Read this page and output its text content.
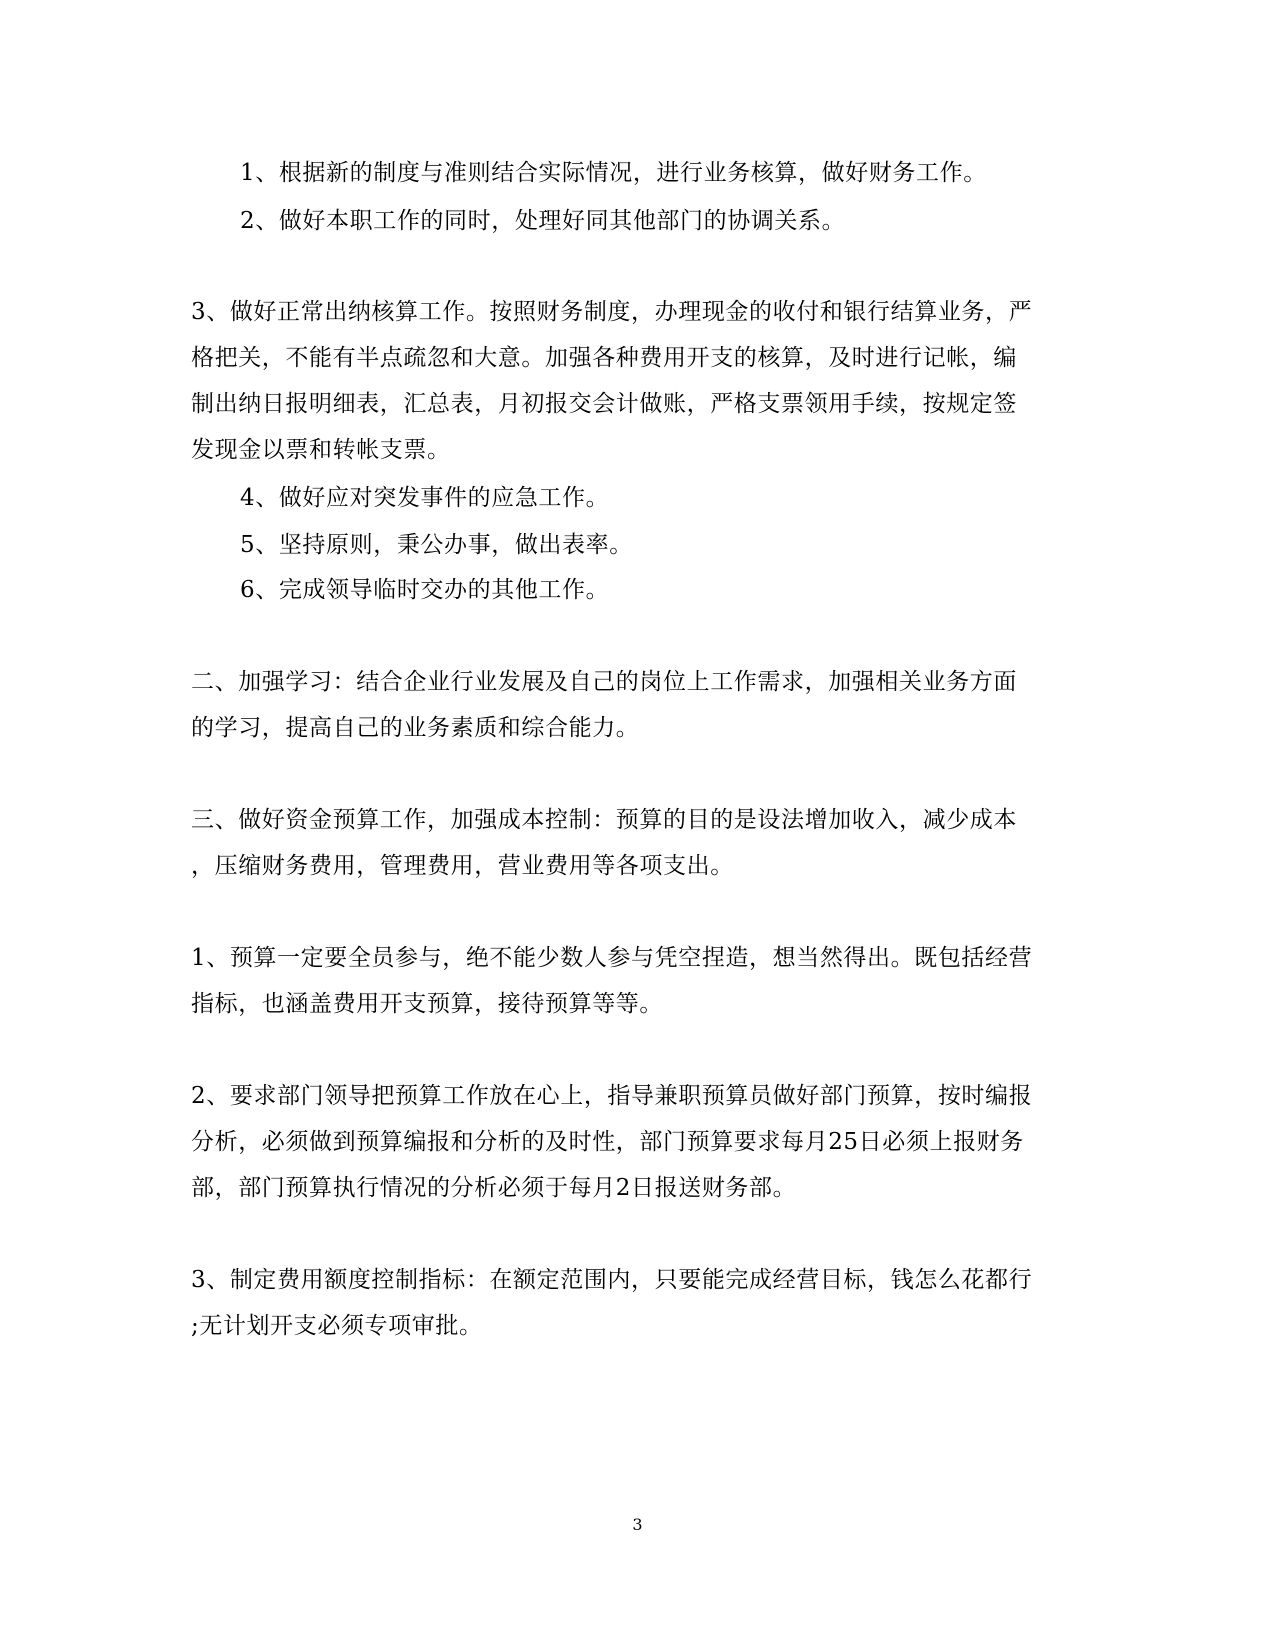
1、根据新的制度与准则结合实际情况，进行业务核算，做好财务工作。
2、做好本职工作的同时，处理好同其他部门的协调关系。
3、做好正常出纳核算工作。按照财务制度，办理现金的收付和银行结算业务，严
格把关，不能有半点疏忽和大意。加强各种费用开支的核算，及时进行记帐，编
制出纳日报明细表，汇总表，月初报交会计做账，严格支票领用手续，按规定签
发现金以票和转帐支票。
4、做好应对突发事件的应急工作。
5、坚持原则，秉公办事，做出表率。
6、完成领导临时交办的其他工作。
二、加强学习：结合企业行业发展及自己的岗位上工作需求，加强相关业务方面
的学习，提高自己的业务素质和综合能力。
三、做好资金预算工作，加强成本控制：预算的目的是设法增加收入，减少成本
，压缩财务费用，管理费用，营业费用等各项支出。
1、预算一定要全员参与，绝不能少数人参与凭空捏造，想当然得出。既包括经营
指标，也涵盖费用开支预算，接待预算等等。
2、要求部门领导把预算工作放在心上，指导兼职预算员做好部门预算，按时编报
分析，必须做到预算编报和分析的及时性，部门预算要求每月25日必须上报财务
部，部门预算执行情况的分析必须于每月2日报送财务部。
3、制定费用额度控制指标：在额定范围内，只要能完成经营目标，钱怎么花都行
;无计划开支必须专项审批。
3
